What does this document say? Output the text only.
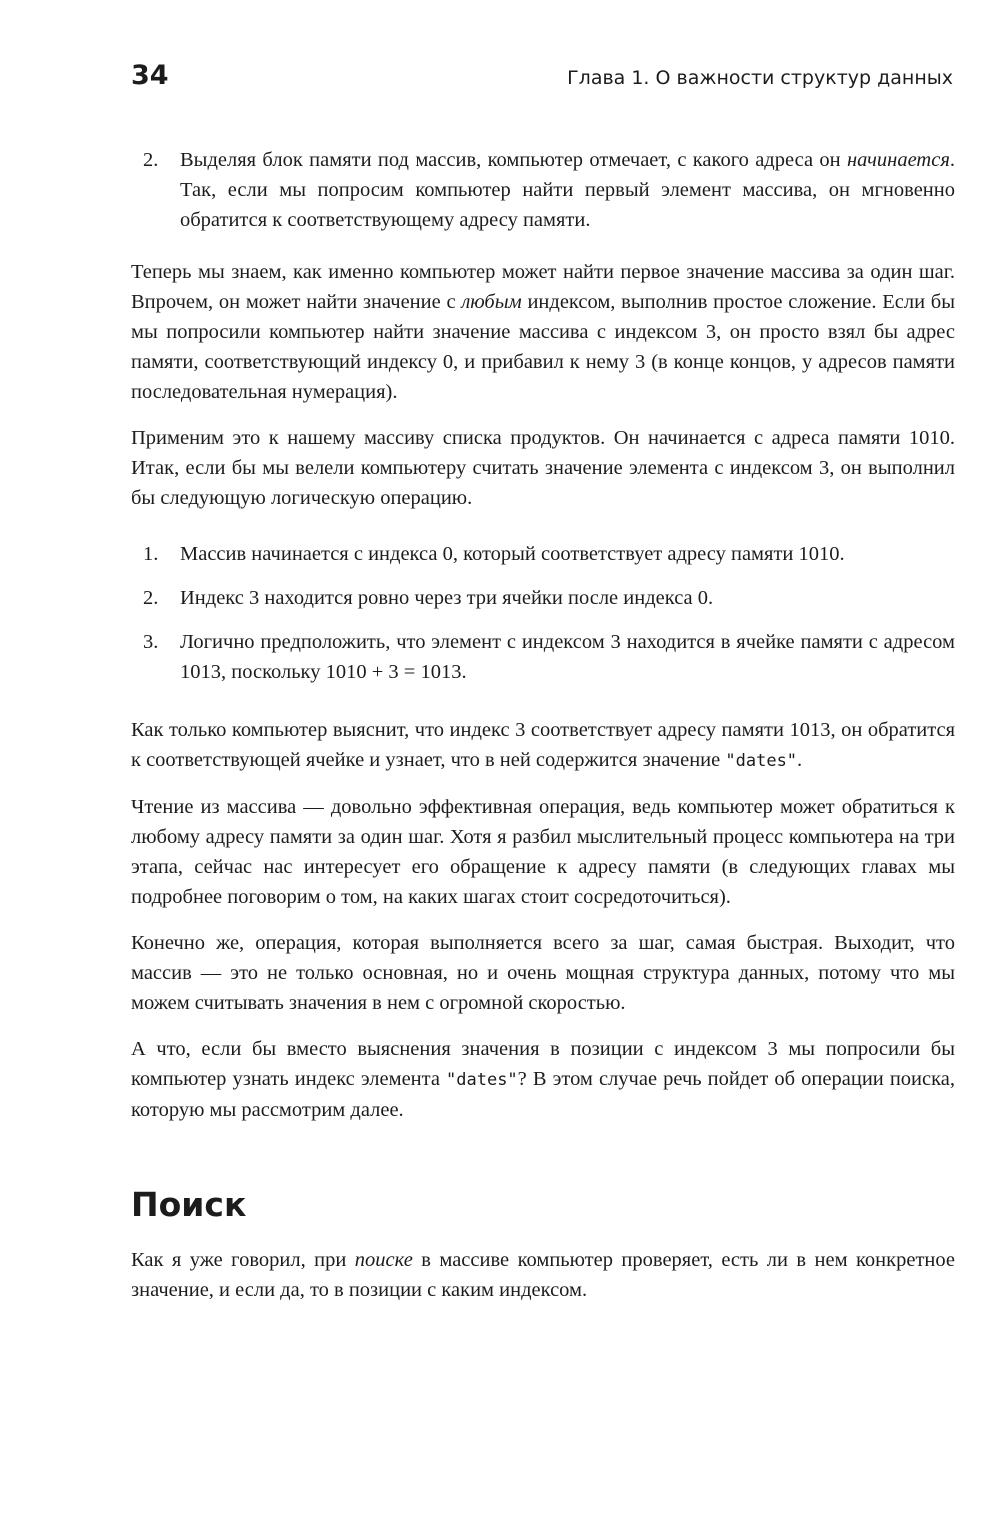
34	Глава 1. О важности структур данных
2. Выделяя блок памяти под массив, компьютер отмечает, с какого адреса он начинается. Так, если мы попросим компьютер найти первый элемент массива, он мгновенно обратится к соответствующему адресу памяти.

Теперь мы знаем, как именно компьютер может найти первое значение массива за один шаг. Впрочем, он может найти значение с любым индексом, выполнив простое сложение. Если бы мы попросили компьютер найти значение массива с индексом 3, он просто взял бы адрес памяти, соответствующий индексу 0, и прибавил к нему 3 (в конце концов, у адресов памяти последовательная нумерация).

Применим это к нашему массиву списка продуктов. Он начинается с адреса памяти 1010. Итак, если бы мы велели компьютеру считать значение элемента с индексом 3, он выполнил бы следующую логическую операцию.

1. Массив начинается с индекса 0, который соответствует адресу памяти 1010.
2. Индекс 3 находится ровно через три ячейки после индекса 0.
3. Логично предположить, что элемент с индексом 3 находится в ячейке памяти с адресом 1013, поскольку 1010 + 3 = 1013.

Как только компьютер выяснит, что индекс 3 соответствует адресу памяти 1013, он обратится к соответствующей ячейке и узнает, что в ней содержится значение "dates".

Чтение из массива — довольно эффективная операция, ведь компьютер может обратиться к любому адресу памяти за один шаг. Хотя я разбил мыслительный процесс компьютера на три этапа, сейчас нас интересует его обращение к адресу памяти (в следующих главах мы подробнее поговорим о том, на каких шагах стоит сосредоточиться).

Конечно же, операция, которая выполняется всего за шаг, самая быстрая. Выходит, что массив — это не только основная, но и очень мощная структура данных, потому что мы можем считывать значения в нем с огромной скоростью.

А что, если бы вместо выяснения значения в позиции с индексом 3 мы попросили бы компьютер узнать индекс элемента "dates"? В этом случае речь пойдет об операции поиска, которую мы рассмотрим далее.

Поиск

Как я уже говорил, при поиске в массиве компьютер проверяет, есть ли в нем конкретное значение, и если да, то в позиции с каким индексом.
